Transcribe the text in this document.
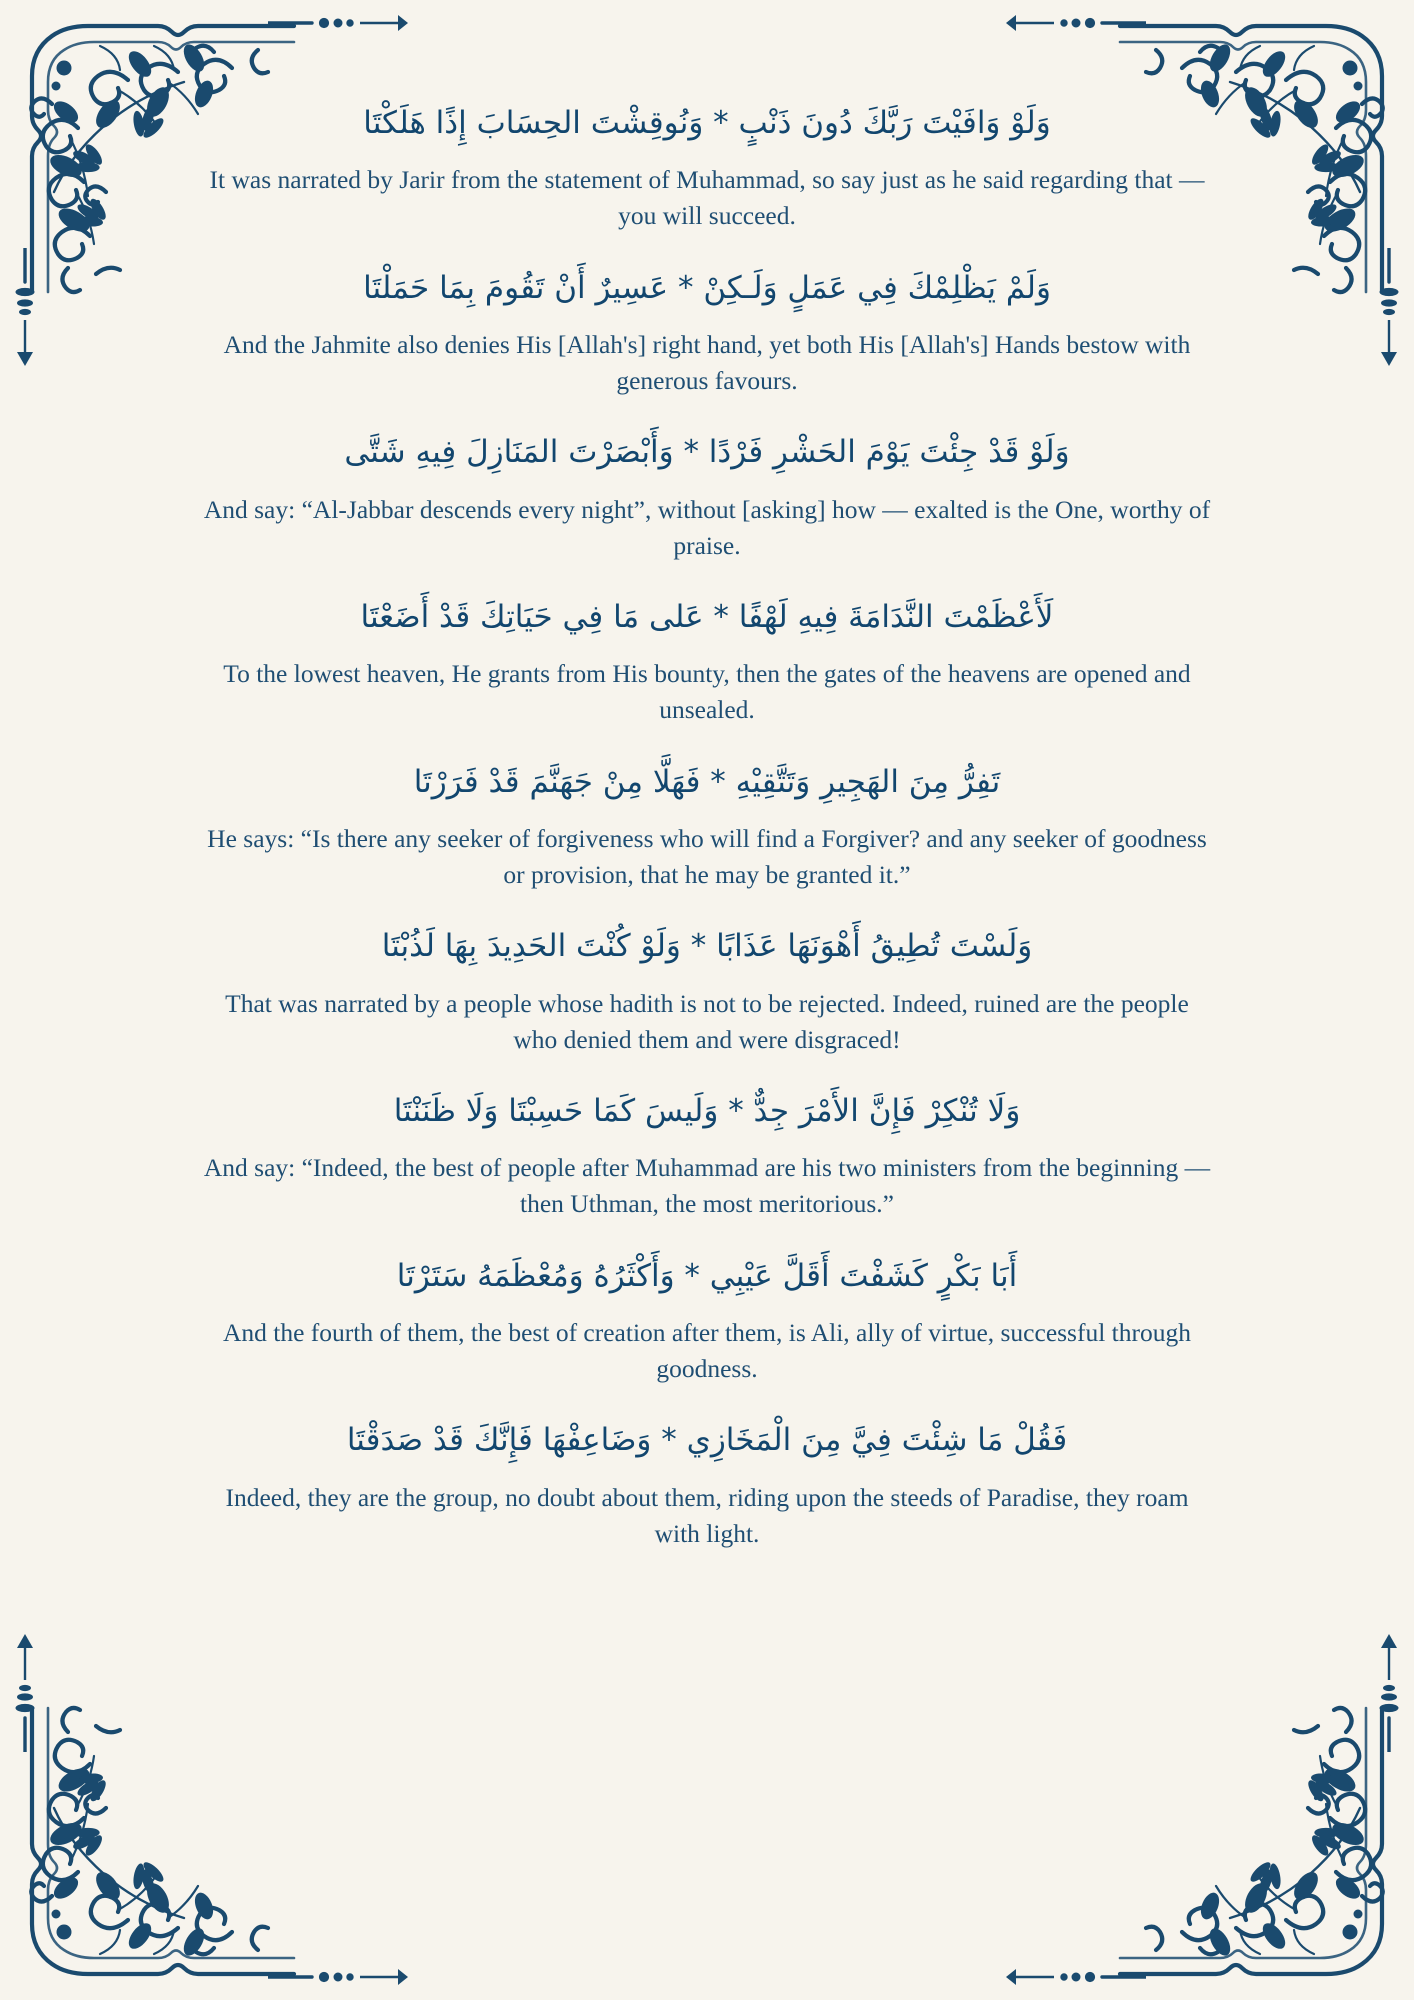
وَلَوْ وَافَيْتَ رَبَّكَ دُونَ ذَنْبٍ * وَنُوقِشْتَ الحِسَابَ إِذًا هَلَكْتَا
It was narrated by Jarir from the statement of Muhammad, so say just as he said regarding that — you will succeed.
وَلَمْ يَظْلِمْكَ فِي عَمَلٍ وَلَـكِنْ * عَسِيرٌ أَنْ تَقُومَ بِمَا حَمَلْتَا
And the Jahmite also denies His [Allah's] right hand, yet both His [Allah's] Hands bestow with generous favours.
وَلَوْ قَدْ جِئْتَ يَوْمَ الحَشْرِ فَرْدًا * وَأَبْصَرْتَ المَنَازِلَ فِيهِ شَتَّى
And say: “Al-Jabbar descends every night”, without [asking] how — exalted is the One, worthy of praise.
لَأَعْظَمْتَ النَّدَامَةَ فِيهِ لَهْفًا * عَلى مَا فِي حَيَاتِكَ قَدْ أَضَعْتَا
To the lowest heaven, He grants from His bounty, then the gates of the heavens are opened and unsealed.
تَفِرُّ مِنَ الهَجِيرِ وَتَتَّقِيْهِ * فَهَلَّا مِنْ جَهَنَّمَ قَدْ فَرَرْتَا
He says: “Is there any seeker of forgiveness who will find a Forgiver? and any seeker of goodness or provision, that he may be granted it.”
وَلَسْتَ تُطِيقُ أَهْوَنَهَا عَذَابًا * وَلَوْ كُنْتَ الحَدِيدَ بِهَا لَذُبْتَا
That was narrated by a people whose hadith is not to be rejected. Indeed, ruined are the people who denied them and were disgraced!
وَلَا تُنْكِرْ فَإِنَّ الأَمْرَ جِدٌّ * وَلَيسَ كَمَا حَسِبْتَا وَلَا ظَنَنْتَا
And say: “Indeed, the best of people after Muhammad are his two ministers from the beginning — then Uthman, the most meritorious.”
أَبَا بَكْرٍ كَشَفْتَ أَقَلَّ عَيْبِي * وَأَكْثَرُهُ وَمُعْظَمَهُ سَتَرْتَا
And the fourth of them, the best of creation after them, is Ali, ally of virtue, successful through goodness.
فَقُلْ مَا شِئْتَ فِيَّ مِنَ الْمَخَازِي * وَضَاعِفْهَا فَإِنَّكَ قَدْ صَدَقْتَا
Indeed, they are the group, no doubt about them, riding upon the steeds of Paradise, they roam with light.
